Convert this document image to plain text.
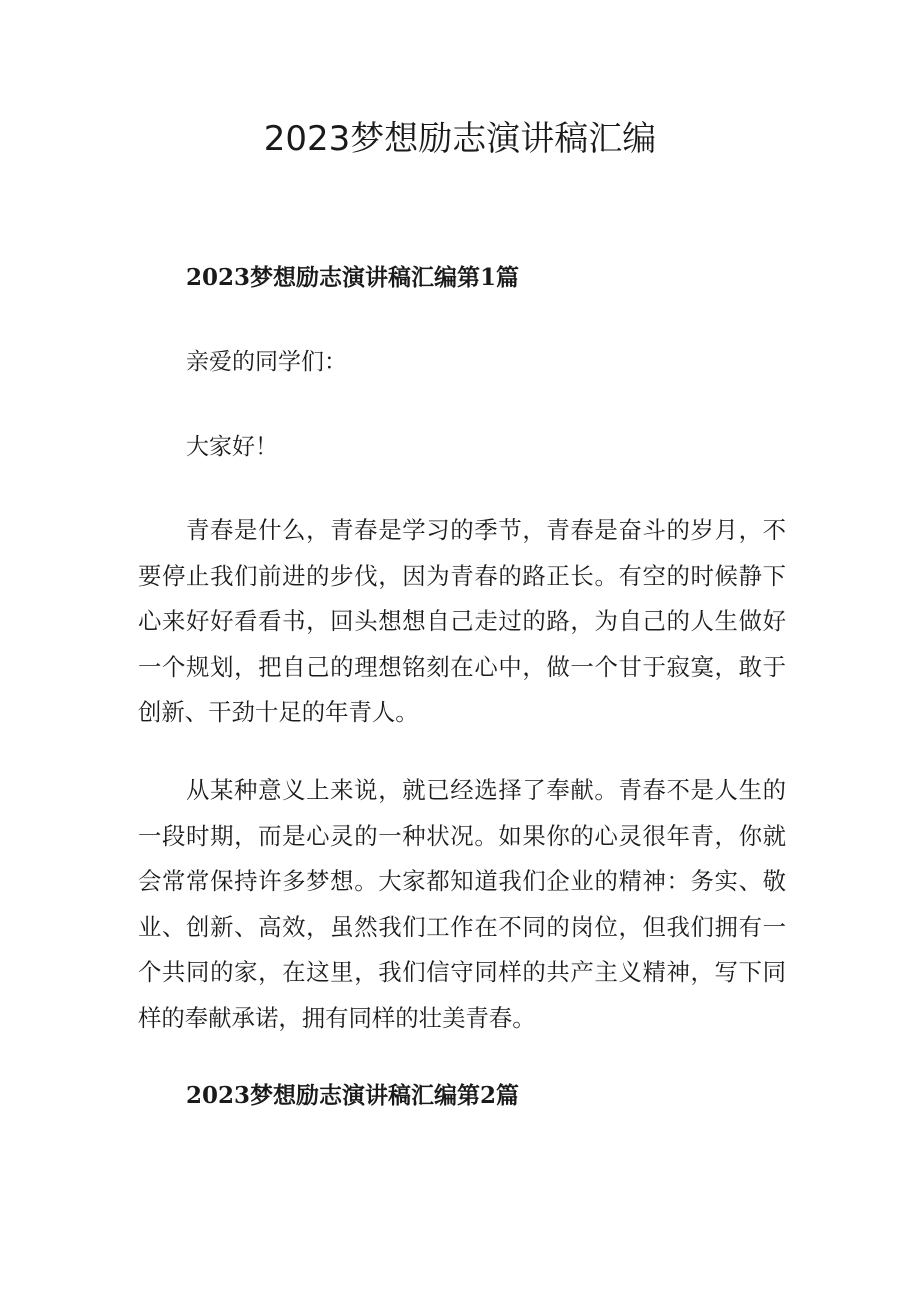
2023梦想励志演讲稿汇编
2023梦想励志演讲稿汇编第1篇

亲爱的同学们：

大家好！

青春是什么，青春是学习的季节，青春是奋斗的岁月，不要停止我们前进的步伐，因为青春的路正长。有空的时候静下心来好好看看书，回头想想自己走过的路，为自己的人生做好一个规划，把自己的理想铭刻在心中，做一个甘于寂寞，敢于创新、干劲十足的年青人。

从某种意义上来说，就已经选择了奉献。青春不是人生的一段时期，而是心灵的一种状况。如果你的心灵很年青，你就会常常保持许多梦想。大家都知道我们企业的精神：务实、敬业、创新、高效，虽然我们工作在不同的岗位，但我们拥有一个共同的家，在这里，我们信守同样的共产主义精神，写下同样的奉献承诺，拥有同样的壮美青春。

2023梦想励志演讲稿汇编第2篇
